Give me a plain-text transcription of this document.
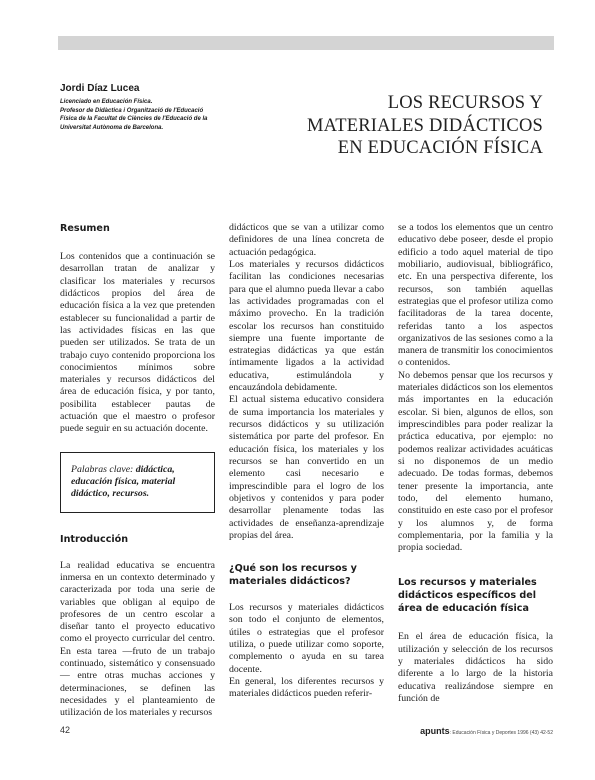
Jordi Díaz Lucea

Licenciado en Educación Física.

Profesor de Didàctica i Organització de l'Educació

Física de la Facultat de Ciències de l'Educació de la

Universitat Autònoma de Barcelona.

LOS RECURSOS Y
MATERIALES DIDÁCTICOS
EN EDUCACIÓN FÍSICA

Resumen

Los contenidos que a continuación se desarrollan tratan de analizar y clasificar los materiales y recursos didácticos propios del área de educación física a la vez que pretenden establecer su funcionalidad a partir de las actividades físicas en las que pueden ser utilizados. Se trata de un trabajo cuyo contenido proporciona los conocimientos mínimos sobre materiales y recursos didácticos del área de educación física, y por tanto, posibilita establecer pautas de actuación que el maestro o profesor puede seguir en su actuación docente.

Palabras clave: didáctica, educación física, material didáctico, recursos.

Introducción

La realidad educativa se encuentra inmersa en un contexto determinado y caracterizada por toda una serie de variables que obligan al equipo de profesores de un centro escolar a diseñar tanto el proyecto educativo como el proyecto curricular del centro. En esta tarea —fruto de un trabajo continuado, sistemático y consensuado— entre otras muchas acciones y determinaciones, se definen las necesidades y el planteamiento de utilización de los materiales y recursos

didácticos que se van a utilizar como definidores de una línea concreta de actuación pedagógica.

Los materiales y recursos didácticos facilitan las condiciones necesarias para que el alumno pueda llevar a cabo las actividades programadas con el máximo provecho. En la tradición escolar los recursos han constituido siempre una fuente importante de estrategias didácticas ya que están íntimamente ligados a la actividad educativa, estimulándola y encauzándola debidamente.

El actual sistema educativo considera de suma importancia los materiales y recursos didácticos y su utilización sistemática por parte del profesor. En educación física, los materiales y los recursos se han convertido en un elemento casi necesario e imprescindible para el logro de los objetivos y contenidos y para poder desarrollar plenamente todas las actividades de enseñanza-aprendizaje propias del área.

¿Qué son los recursos y materiales didácticos?

Los recursos y materiales didácticos son todo el conjunto de elementos, útiles o estrategias que el profesor utiliza, o puede utilizar como soporte, complemento o ayuda en su tarea docente.

En general, los diferentes recursos y materiales didácticos pueden referir-

se a todos los elementos que un centro educativo debe poseer, desde el propio edificio a todo aquel material de tipo mobiliario, audiovisual, bibliográfico, etc. En una perspectiva diferente, los recursos, son también aquellas estrategias que el profesor utiliza como facilitadoras de la tarea docente, referidas tanto a los aspectos organizativos de las sesiones como a la manera de transmitir los conocimientos o contenidos.

No debemos pensar que los recursos y materiales didácticos son los elementos más importantes en la educación escolar. Si bien, algunos de ellos, son imprescindibles para poder realizar la práctica educativa, por ejemplo: no podemos realizar actividades acuáticas si no disponemos de un medio adecuado. De todas formas, debemos tener presente la importancia, ante todo, del elemento humano, constituido en este caso por el profesor y los alumnos y, de forma complementaria, por la familia y la propia sociedad.

Los recursos y materiales didácticos específicos del área de educación física

En el área de educación física, la utilización y selección de los recursos y materiales didácticos ha sido diferente a lo largo de la historia educativa realizándose siempre en función de

42	apunts: Educación Física y Deportes 1996 (43) 42-52
